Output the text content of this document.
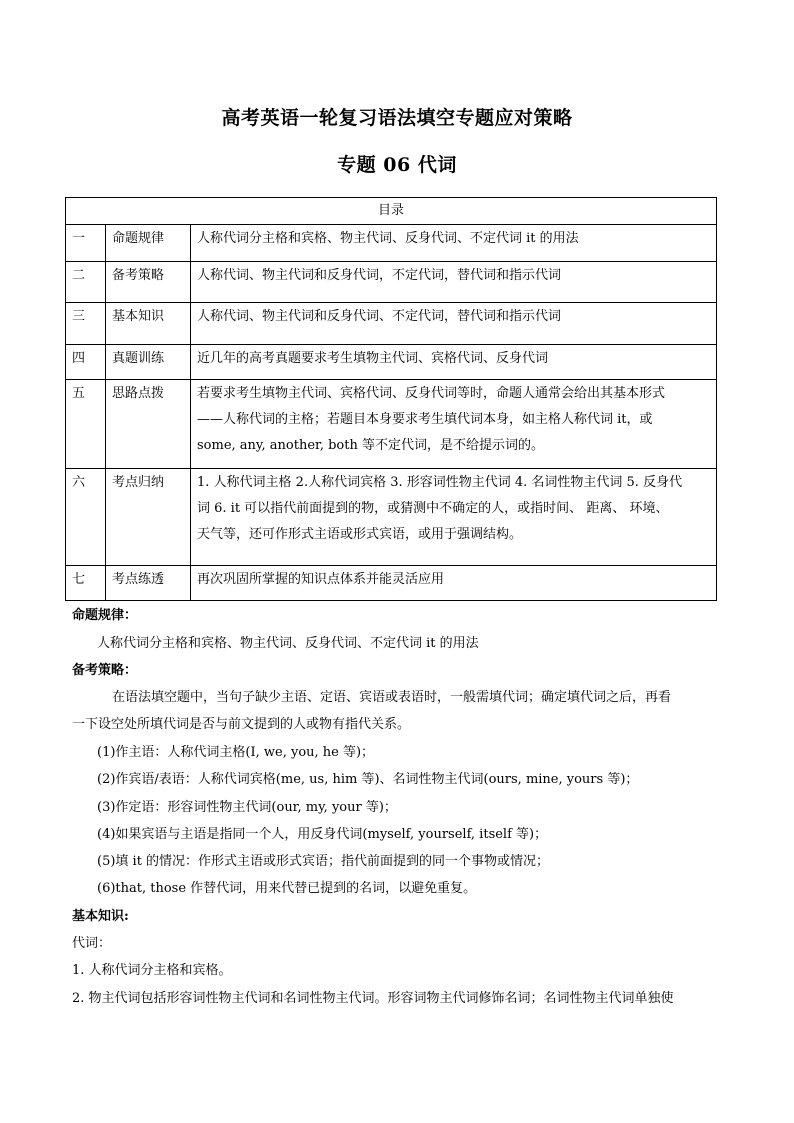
高考英语一轮复习语法填空专题应对策略
专题 06 代词
目录		
一	命题规律	人称代词分主格和宾格、物主代词、反身代词、不定代词 it 的用法

二	备考策略	人称代词、物主代词和反身代词，不定代词，替代词和指示代词

三	基本知识	人称代词、物主代词和反身代词、不定代词，替代词和指示代词

四	真题训练	近几年的高考真题要求考生填物主代词、宾格代词、反身代词

五	思路点拨	若要求考生填物主代词、宾格代词、反身代词等时，命题人通常会给出其基本形式
——人称代词的主格；若题目本身要求考生填代词本身，如主格人称代词 it，或
some, any, another, both 等不定代词，是不给提示词的。

六	考点归纳	1. 人称代词主格 2.人称代词宾格 3. 形容词性物主代词 4. 名词性物主代词 5. 反身代
词 6. it 可以指代前面提到的物，或猜测中不确定的人，或指时间、 距离、 环境、
天气等，还可作形式主语或形式宾语，或用于强调结构。

七	考点练透	再次巩固所掌握的知识点体系并能灵活应用
命题规律：
人称代词分主格和宾格、物主代词、反身代词、不定代词 it 的用法
备考策略：
在语法填空题中，当句子缺少主语、定语、宾语或表语时，一般需填代词；确定填代词之后，再看
一下设空处所填代词是否与前文提到的人或物有指代关系。
(1)作主语：人称代词主格(I, we, you, he 等)；
(2)作宾语/表语：人称代词宾格(me, us, him 等)、名词性物主代词(ours, mine, yours 等)；
(3)作定语：形容词性物主代词(our, my, your 等)；
(4)如果宾语与主语是指同一个人，用反身代词(myself, yourself, itself 等)；
(5)填 it 的情况：作形式主语或形式宾语；指代前面提到的同一个事物或情况；
(6)that, those 作替代词，用来代替已提到的名词，以避免重复。
基本知识:
代词：
1. 人称代词分主格和宾格。
2. 物主代词包括形容词性物主代词和名词性物主代词。形容词物主代词修饰名词；名词性物主代词单独使
